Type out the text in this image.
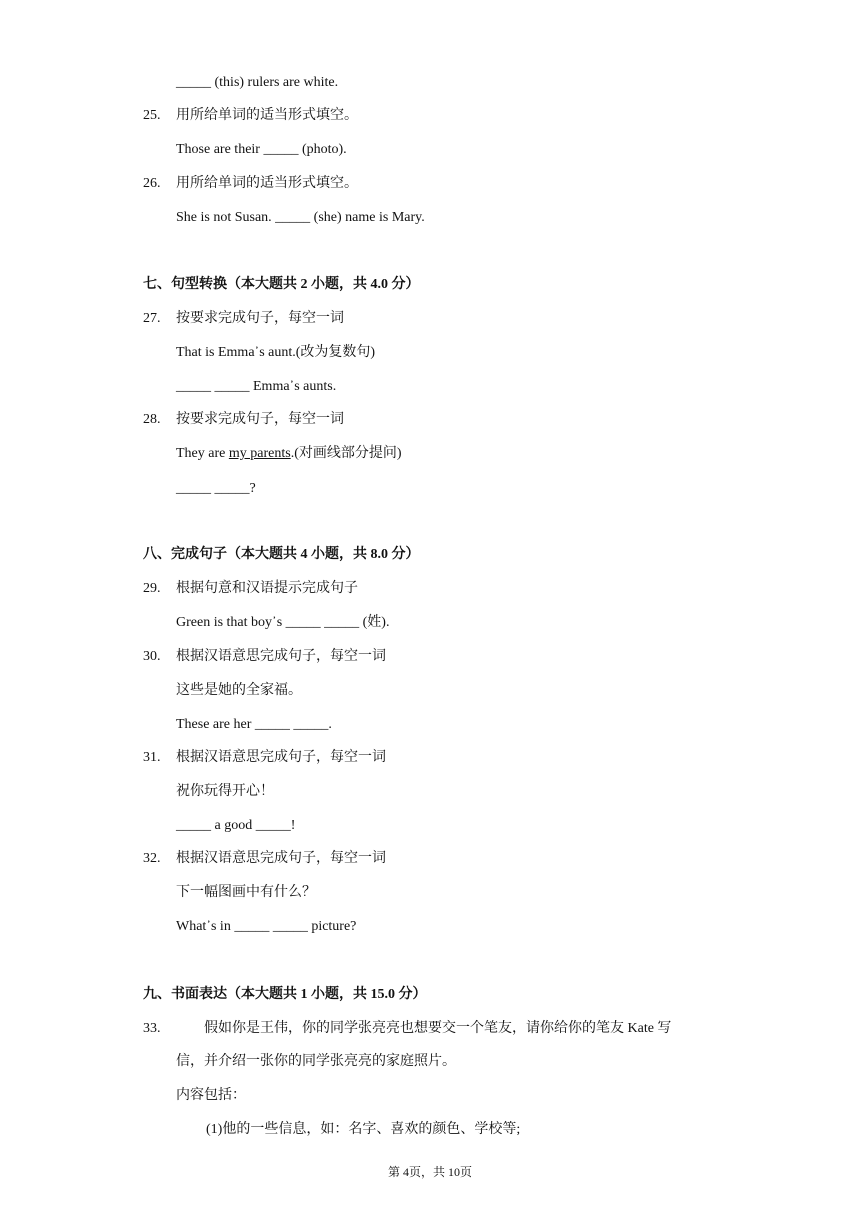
_____ (this) rulers are white.
25. 用所给单词的适当形式填空。
Those are their _____ (photo).
26. 用所给单词的适当形式填空。
She is not Susan. _____ (she) name is Mary.
七、句型转换（本大题共 2 小题，共 4.0 分）
27. 按要求完成句子，每空一词
That is Emma᾽s aunt.(改为复数句)
_____ _____ Emma᾽s aunts.
28. 按要求完成句子，每空一词
They are my parents.(对画线部分提问)
_____ _____?
八、完成句子（本大题共 4 小题，共 8.0 分）
29. 根据句意和汉语提示完成句子
Green is that boy᾽s _____ _____ (姓).
30. 根据汉语意思完成句子，每空一词
这些是她的全家福。
These are her _____ _____.
31. 根据汉语意思完成句子，每空一词
祝你玩得开心！
_____ a good _____!
32. 根据汉语意思完成句子，每空一词
下一幅图画中有什么？
What᾽s in _____ _____ picture?
九、书面表达（本大题共 1 小题，共 15.0 分）
33.	假如你是王伟，你的同学张亮亮也想要交一个笔友，请你给你的笔友 Kate 写
信，并介绍一张你的同学张亮亮的家庭照片。
内容包括：
(1)他的一些信息，如：名字、喜欢的颜色、学校等;
第 4页，共 10页
